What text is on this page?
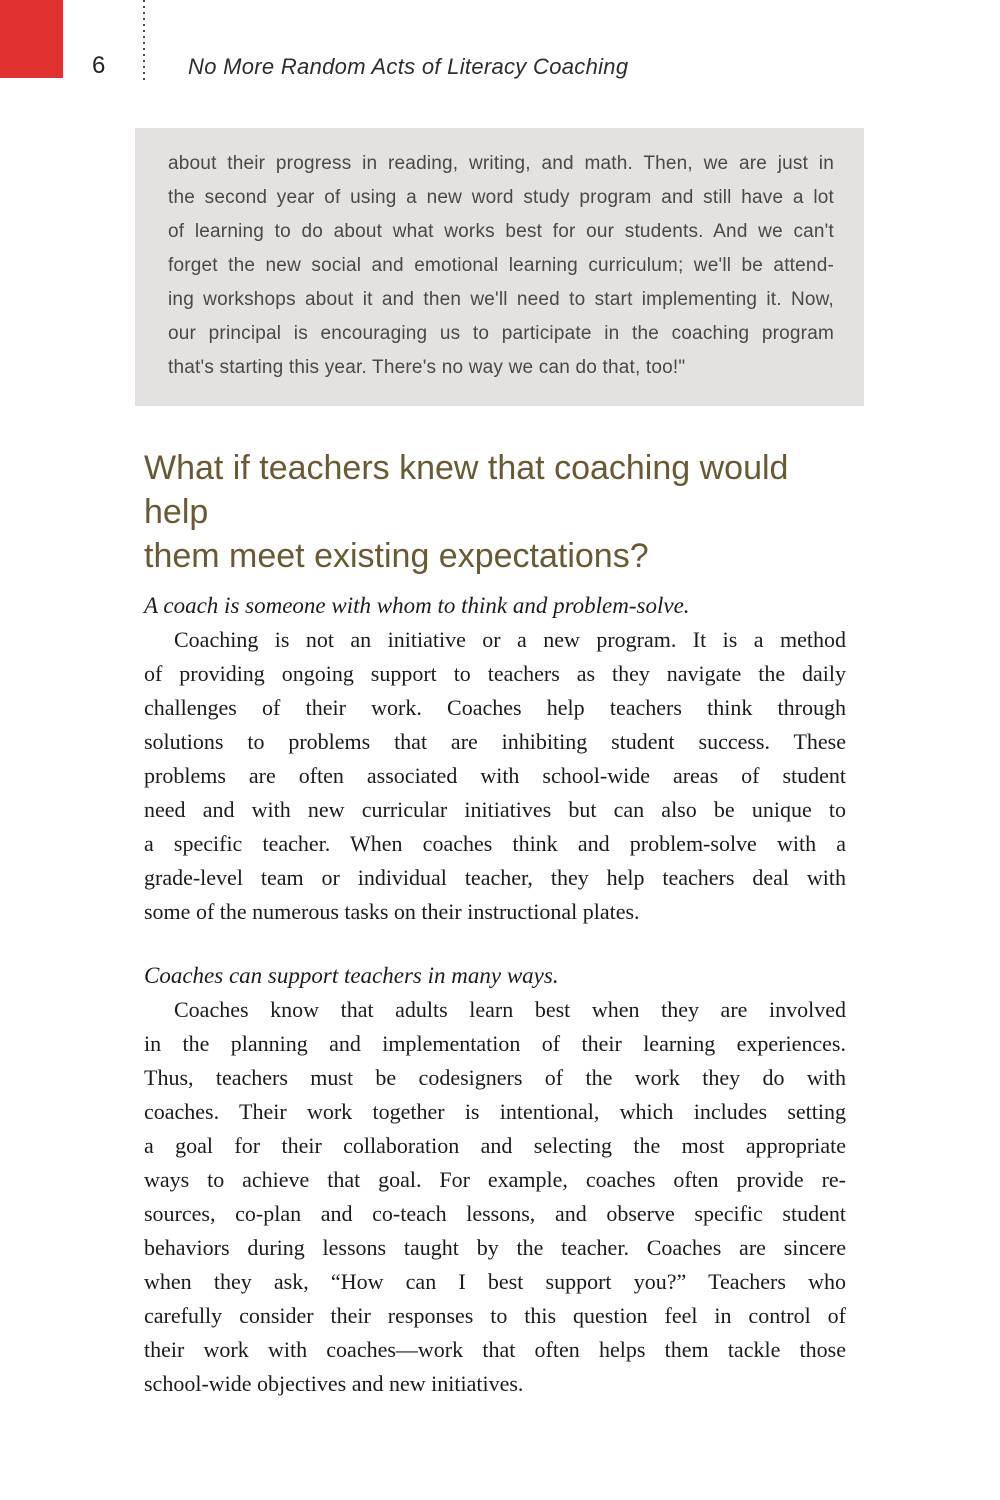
6	No More Random Acts of Literacy Coaching
about their progress in reading, writing, and math. Then, we are just in
the second year of using a new word study program and still have a lot
of learning to do about what works best for our students. And we can't
forget the new social and emotional learning curriculum; we'll be attend-
ing workshops about it and then we'll need to start implementing it. Now,
our principal is encouraging us to participate in the coaching program
that's starting this year. There's no way we can do that, too!"
What if teachers knew that coaching would help
them meet existing expectations?
A coach is someone with whom to think and problem-solve.
Coaching is not an initiative or a new program. It is a method
of providing ongoing support to teachers as they navigate the daily
challenges of their work. Coaches help teachers think through
solutions to problems that are inhibiting student success. These
problems are often associated with school-wide areas of student
need and with new curricular initiatives but can also be unique to
a specific teacher. When coaches think and problem-solve with a
grade-level team or individual teacher, they help teachers deal with
some of the numerous tasks on their instructional plates.
Coaches can support teachers in many ways.
Coaches know that adults learn best when they are involved
in the planning and implementation of their learning experiences.
Thus, teachers must be codesigners of the work they do with
coaches. Their work together is intentional, which includes setting
a goal for their collaboration and selecting the most appropriate
ways to achieve that goal. For example, coaches often provide re-
sources, co-plan and co-teach lessons, and observe specific student
behaviors during lessons taught by the teacher. Coaches are sincere
when they ask, “How can I best support you?” Teachers who
carefully consider their responses to this question feel in control of
their work with coaches—work that often helps them tackle those
school-wide objectives and new initiatives.
